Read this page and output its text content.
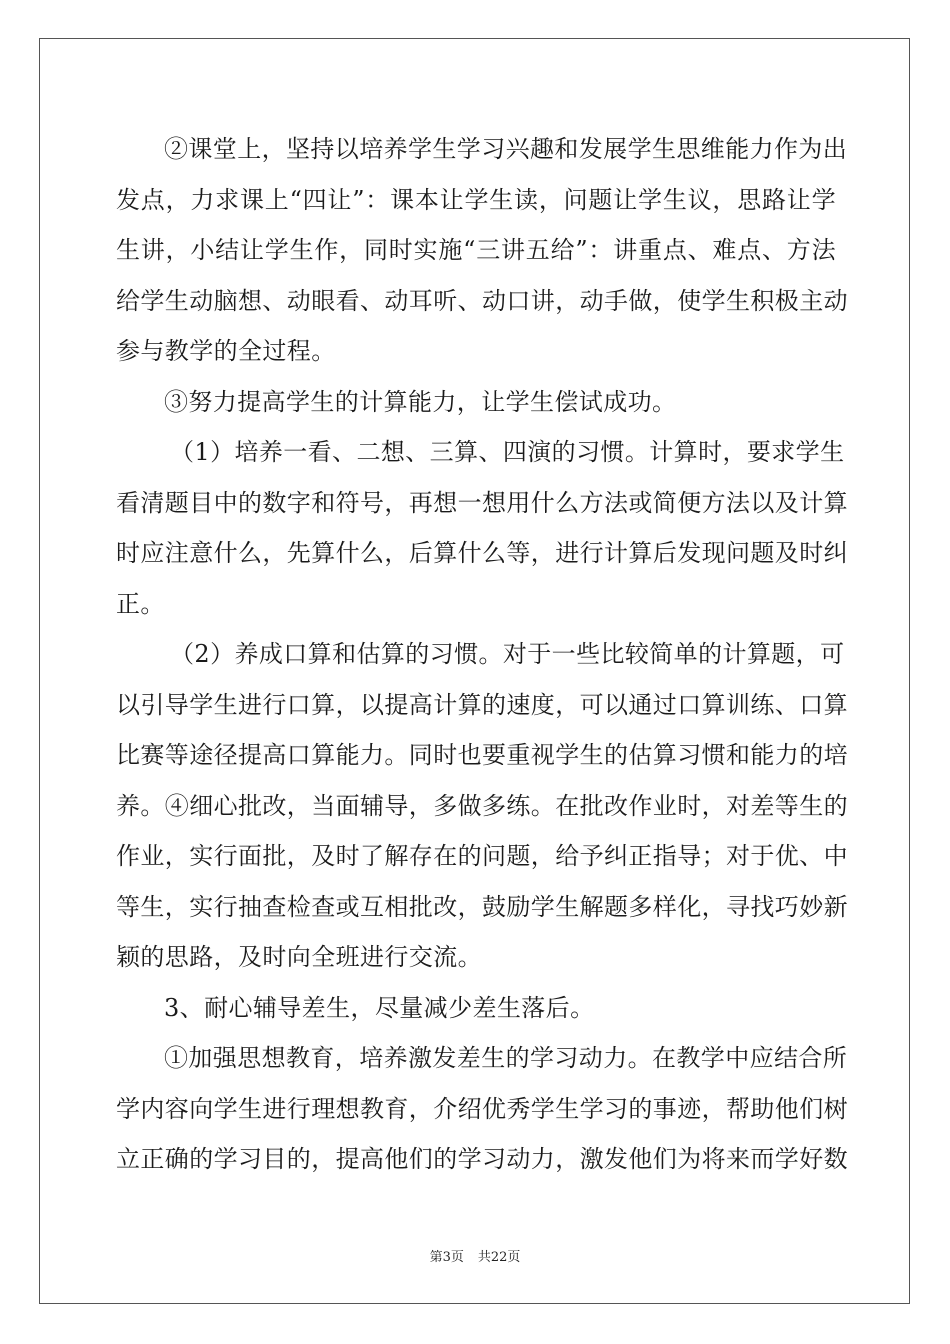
②课堂上，坚持以培养学生学习兴趣和发展学生思维能力作为出
发点，力求课上“四让”：课本让学生读，问题让学生议，思路让学
生讲，小结让学生作，同时实施“三讲五给”：讲重点、难点、方法
给学生动脑想、动眼看、动耳听、动口讲，动手做，使学生积极主动
参与教学的全过程。
③努力提高学生的计算能力，让学生偿试成功。
（1）培养一看、二想、三算、四演的习惯。计算时，要求学生
看清题目中的数字和符号，再想一想用什么方法或简便方法以及计算
时应注意什么，先算什么，后算什么等，进行计算后发现问题及时纠
正。
（2）养成口算和估算的习惯。对于一些比较简单的计算题，可
以引导学生进行口算，以提高计算的速度，可以通过口算训练、口算
比赛等途径提高口算能力。同时也要重视学生的估算习惯和能力的培
养。④细心批改，当面辅导，多做多练。在批改作业时，对差等生的
作业，实行面批，及时了解存在的问题，给予纠正指导；对于优、中
等生，实行抽查检查或互相批改，鼓励学生解题多样化，寻找巧妙新
颖的思路，及时向全班进行交流。
3、耐心辅导差生，尽量减少差生落后。
①加强思想教育，培养激发差生的学习动力。在教学中应结合所
学内容向学生进行理想教育，介绍优秀学生学习的事迹，帮助他们树
立正确的学习目的，提高他们的学习动力，激发他们为将来而学好数
第3页 共22页
